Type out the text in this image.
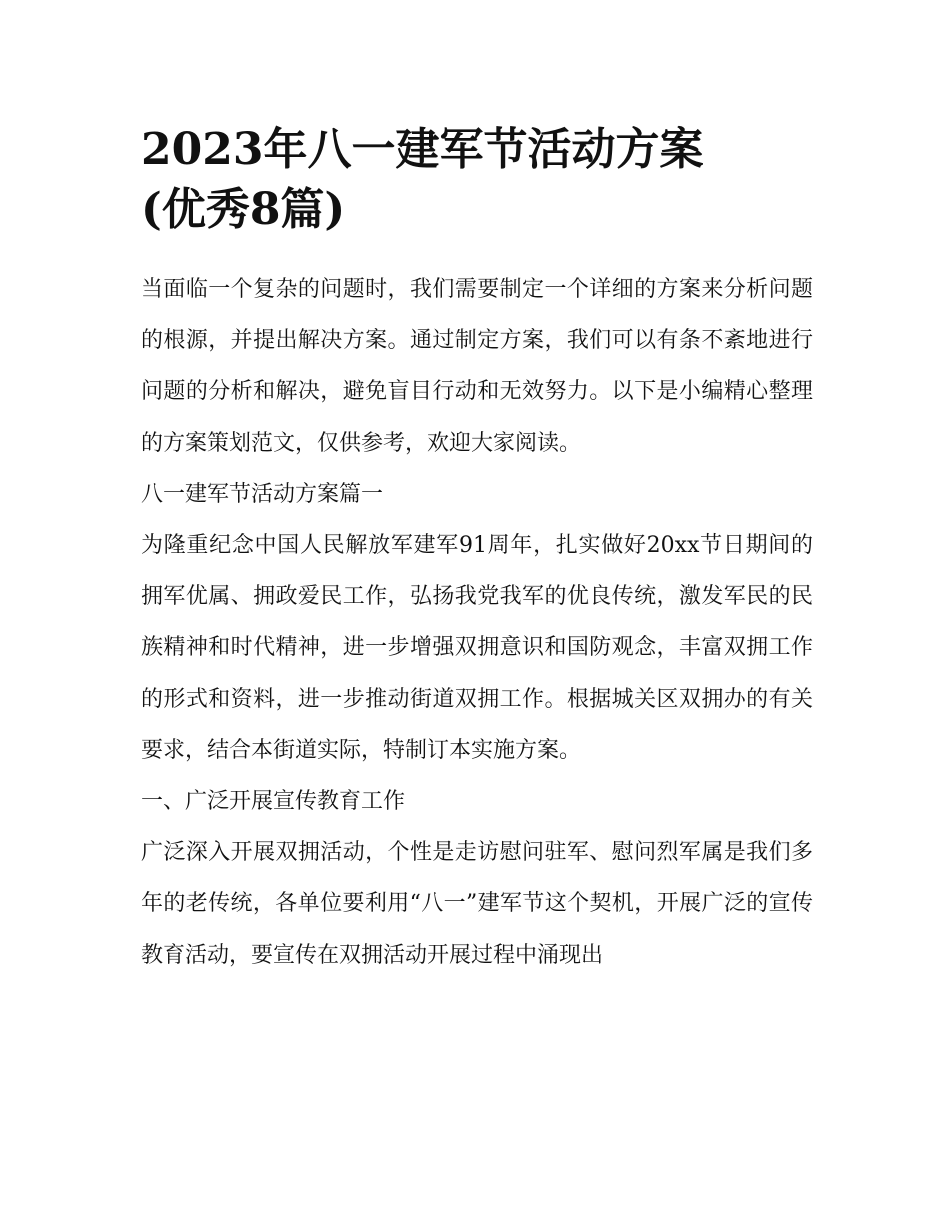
2023年八一建军节活动方案
(优秀8篇)

当面临一个复杂的问题时，我们需要制定一个详细的方案来分析问题的根源，并提出解决方案。通过制定方案，我们可以有条不紊地进行问题的分析和解决，避免盲目行动和无效努力。以下是小编精心整理的方案策划范文，仅供参考，欢迎大家阅读。

八一建军节活动方案篇一

为隆重纪念中国人民解放军建军91周年，扎实做好20xx节日期间的拥军优属、拥政爱民工作，弘扬我党我军的优良传统，激发军民的民族精神和时代精神，进一步增强双拥意识和国防观念，丰富双拥工作的形式和资料，进一步推动街道双拥工作。根据城关区双拥办的有关要求，结合本街道实际，特制订本实施方案。

一、广泛开展宣传教育工作

广泛深入开展双拥活动，个性是走访慰问驻军、慰问烈军属是我们多年的老传统，各单位要利用“八一”建军节这个契机，开展广泛的宣传教育活动，要宣传在双拥活动开展过程中涌现出
